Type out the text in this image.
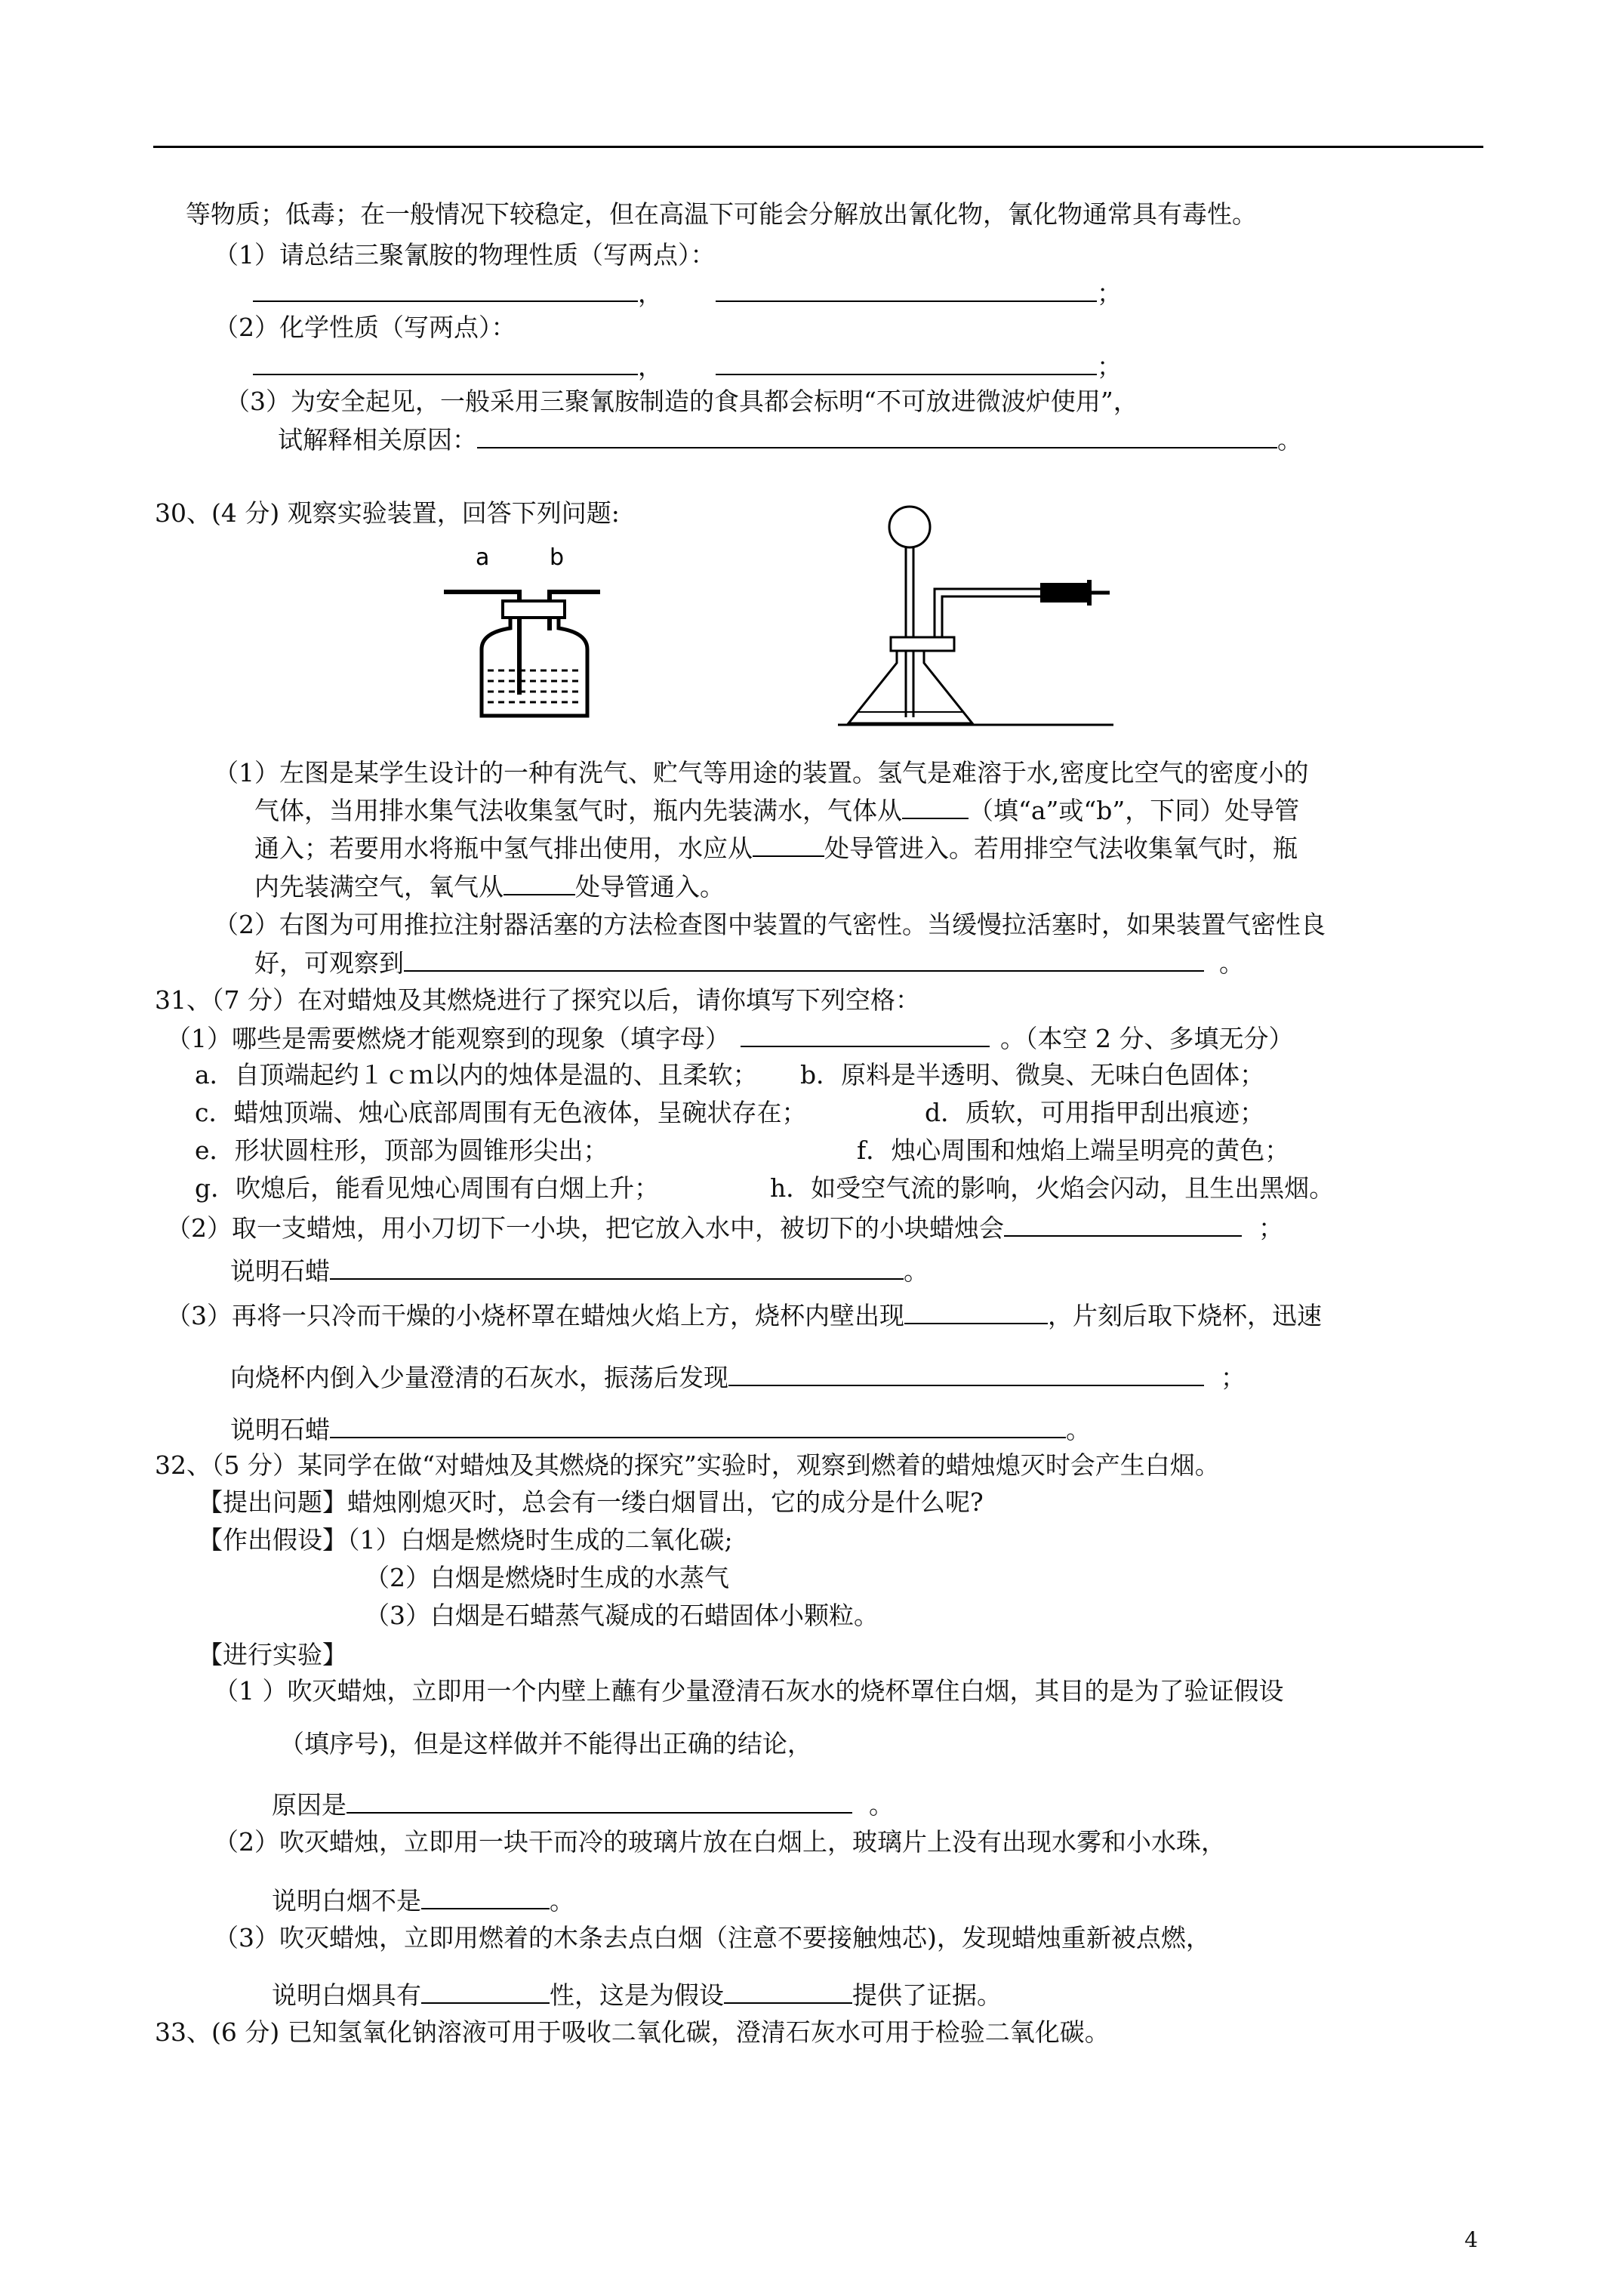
等物质；低毒；在一般情况下较稳定，但在高温下可能会分解放出氰化物，氰化物通常具有毒性。
（1）请总结三聚氰胺的物理性质（写两点）：
，	；
（2）化学性质（写两点）：
，	；
（3）为安全起见，一般采用三聚氰胺制造的食具都会标明“不可放进微波炉使用”，
试解释相关原因：	。
30、(4 分) 观察实验装置，回答下列问题:
a	b
（1）左图是某学生设计的一种有洗气、贮气等用途的装置。氢气是难溶于水,密度比空气的密度小的
气体，当用排水集气法收集氢气时，瓶内先装满水，气体从	（填“a”或“b”，下同）处导管
通入；若要用水将瓶中氢气排出使用，水应从	处导管进入。若用排空气法收集氧气时，瓶
内先装满空气，氧气从	处导管通入。
（2）右图为可用推拉注射器活塞的方法检查图中装置的气密性。当缓慢拉活塞时，如果装置气密性良
好，可观察到	。
31、（7 分）在对蜡烛及其燃烧进行了探究以后，请你填写下列空格：
（1）哪些是需要燃烧才能观察到的现象（填字母）	。（本空 2 分、多填无分）
a．自顶端起约１ｃｍ以内的烛体是温的、且柔软； b．原料是半透明、微臭、无味白色固体；
c．蜡烛顶端、烛心底部周围有无色液体，呈碗状存在；	d．质软，可用指甲刮出痕迹；
e．形状圆柱形，顶部为圆锥形尖出；	f．烛心周围和烛焰上端呈明亮的黄色；
g．吹熄后，能看见烛心周围有白烟上升；	h．如受空气流的影响，火焰会闪动，且生出黑烟。
（2）取一支蜡烛，用小刀切下一小块，把它放入水中，被切下的小块蜡烛会	；
说明石蜡	。
（3）再将一只冷而干燥的小烧杯罩在蜡烛火焰上方，烧杯内壁出现	，片刻后取下烧杯，迅速
向烧杯内倒入少量澄清的石灰水，振荡后发现	；
说明石蜡	。
32、（5 分）某同学在做“对蜡烛及其燃烧的探究”实验时，观察到燃着的蜡烛熄灭时会产生白烟。
【提出问题】蜡烛刚熄灭时，总会有一缕白烟冒出，它的成分是什么呢?
【作出假设】（1）白烟是燃烧时生成的二氧化碳;
（2）白烟是燃烧时生成的水蒸气
（3）白烟是石蜡蒸气凝成的石蜡固体小颗粒。
【进行实验】
（1 ）吹灭蜡烛，立即用一个内壁上蘸有少量澄清石灰水的烧杯罩住白烟，其目的是为了验证假设
（填序号)，但是这样做并不能得出正确的结论，
原因是	。
（2）吹灭蜡烛，立即用一块干而冷的玻璃片放在白烟上，玻璃片上没有出现水雾和小水珠，
说明白烟不是	。
（3）吹灭蜡烛，立即用燃着的木条去点白烟（注意不要接触烛芯)，发现蜡烛重新被点燃，
说明白烟具有	性，这是为假设	提供了证据。
33、(6 分) 已知氢氧化钠溶液可用于吸收二氧化碳，澄清石灰水可用于检验二氧化碳。
4
